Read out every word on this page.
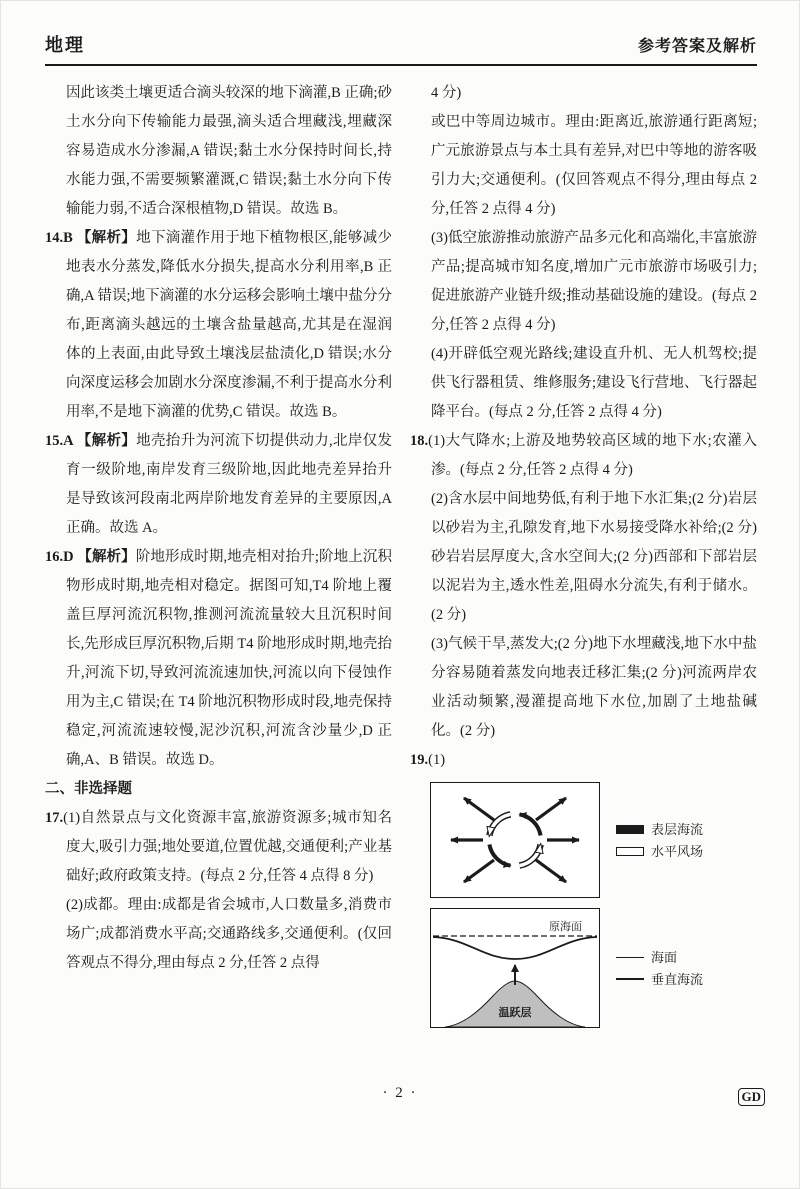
地理	参考答案及解析

因此该类土壤更适合滴头较深的地下滴灌,B 正确;砂土水分向下传输能力最强,滴头适合埋藏浅,埋藏深容易造成水分渗漏,A 错误;黏土水分保持时间长,持水能力强,不需要频繁灌溉,C 错误;黏土水分向下传输能力弱,不适合深根植物,D 错误。故选 B。

14.B 【解析】地下滴灌作用于地下植物根区,能够减少地表水分蒸发,降低水分损失,提高水分利用率,B 正确,A 错误;地下滴灌的水分运移会影响土壤中盐分分布,距离滴头越远的土壤含盐量越高,尤其是在湿润体的上表面,由此导致土壤浅层盐渍化,D 错误;水分向深度运移会加剧水分深度渗漏,不利于提高水分利用率,不是地下滴灌的优势,C 错误。故选 B。

15.A 【解析】地壳抬升为河流下切提供动力,北岸仅发育一级阶地,南岸发育三级阶地,因此地壳差异抬升是导致该河段南北两岸阶地发育差异的主要原因,A 正确。故选 A。

16.D 【解析】阶地形成时期,地壳相对抬升;阶地上沉积物形成时期,地壳相对稳定。据图可知,T4 阶地上覆盖巨厚河流沉积物,推测河流流量较大且沉积时间长,先形成巨厚沉积物,后期 T4 阶地形成时期,地壳抬升,河流下切,导致河流流速加快,河流以向下侵蚀作用为主,C 错误;在 T4 阶地沉积物形成时段,地壳保持稳定,河流流速较慢,泥沙沉积,河流含沙量少,D 正确,A、B 错误。故选 D。

二、非选择题

17.(1)自然景点与文化资源丰富,旅游资源多;城市知名度大,吸引力强;地处要道,位置优越,交通便利;产业基础好;政府政策支持。(每点 2 分,任答 4 点得 8 分)

(2)成都。理由:成都是省会城市,人口数量多,消费市场广;成都消费水平高;交通路线多,交通便利。(仅回答观点不得分,理由每点 2 分,任答 2 点得

4 分)

或巴中等周边城市。理由:距离近,旅游通行距离短;广元旅游景点与本土具有差异,对巴中等地的游客吸引力大;交通便利。(仅回答观点不得分,理由每点 2 分,任答 2 点得 4 分)

(3)低空旅游推动旅游产品多元化和高端化,丰富旅游产品;提高城市知名度,增加广元市旅游市场吸引力;促进旅游产业链升级;推动基础设施的建设。(每点 2 分,任答 2 点得 4 分)

(4)开辟低空观光路线;建设直升机、无人机驾校;提供飞行器租赁、维修服务;建设飞行营地、飞行器起降平台。(每点 2 分,任答 2 点得 4 分)

18.(1)大气降水;上游及地势较高区域的地下水;农灌入渗。(每点 2 分,任答 2 点得 4 分)

(2)含水层中间地势低,有利于地下水汇集;(2 分)岩层以砂岩为主,孔隙发育,地下水易接受降水补给;(2 分)砂岩岩层厚度大,含水空间大;(2 分)西部和下部岩层以泥岩为主,透水性差,阻碍水分流失,有利于储水。(2 分)

(3)气候干旱,蒸发大;(2 分)地下水埋藏浅,地下水中盐分容易随着蒸发向地表迁移汇集;(2 分)河流两岸农业活动频繁,漫灌提高地下水位,加剧了土地盐碱化。(2 分)

19.(1)

表层海流
水平风场
原海面
温跃层
海面
垂直海流
· 2 ·	GD
